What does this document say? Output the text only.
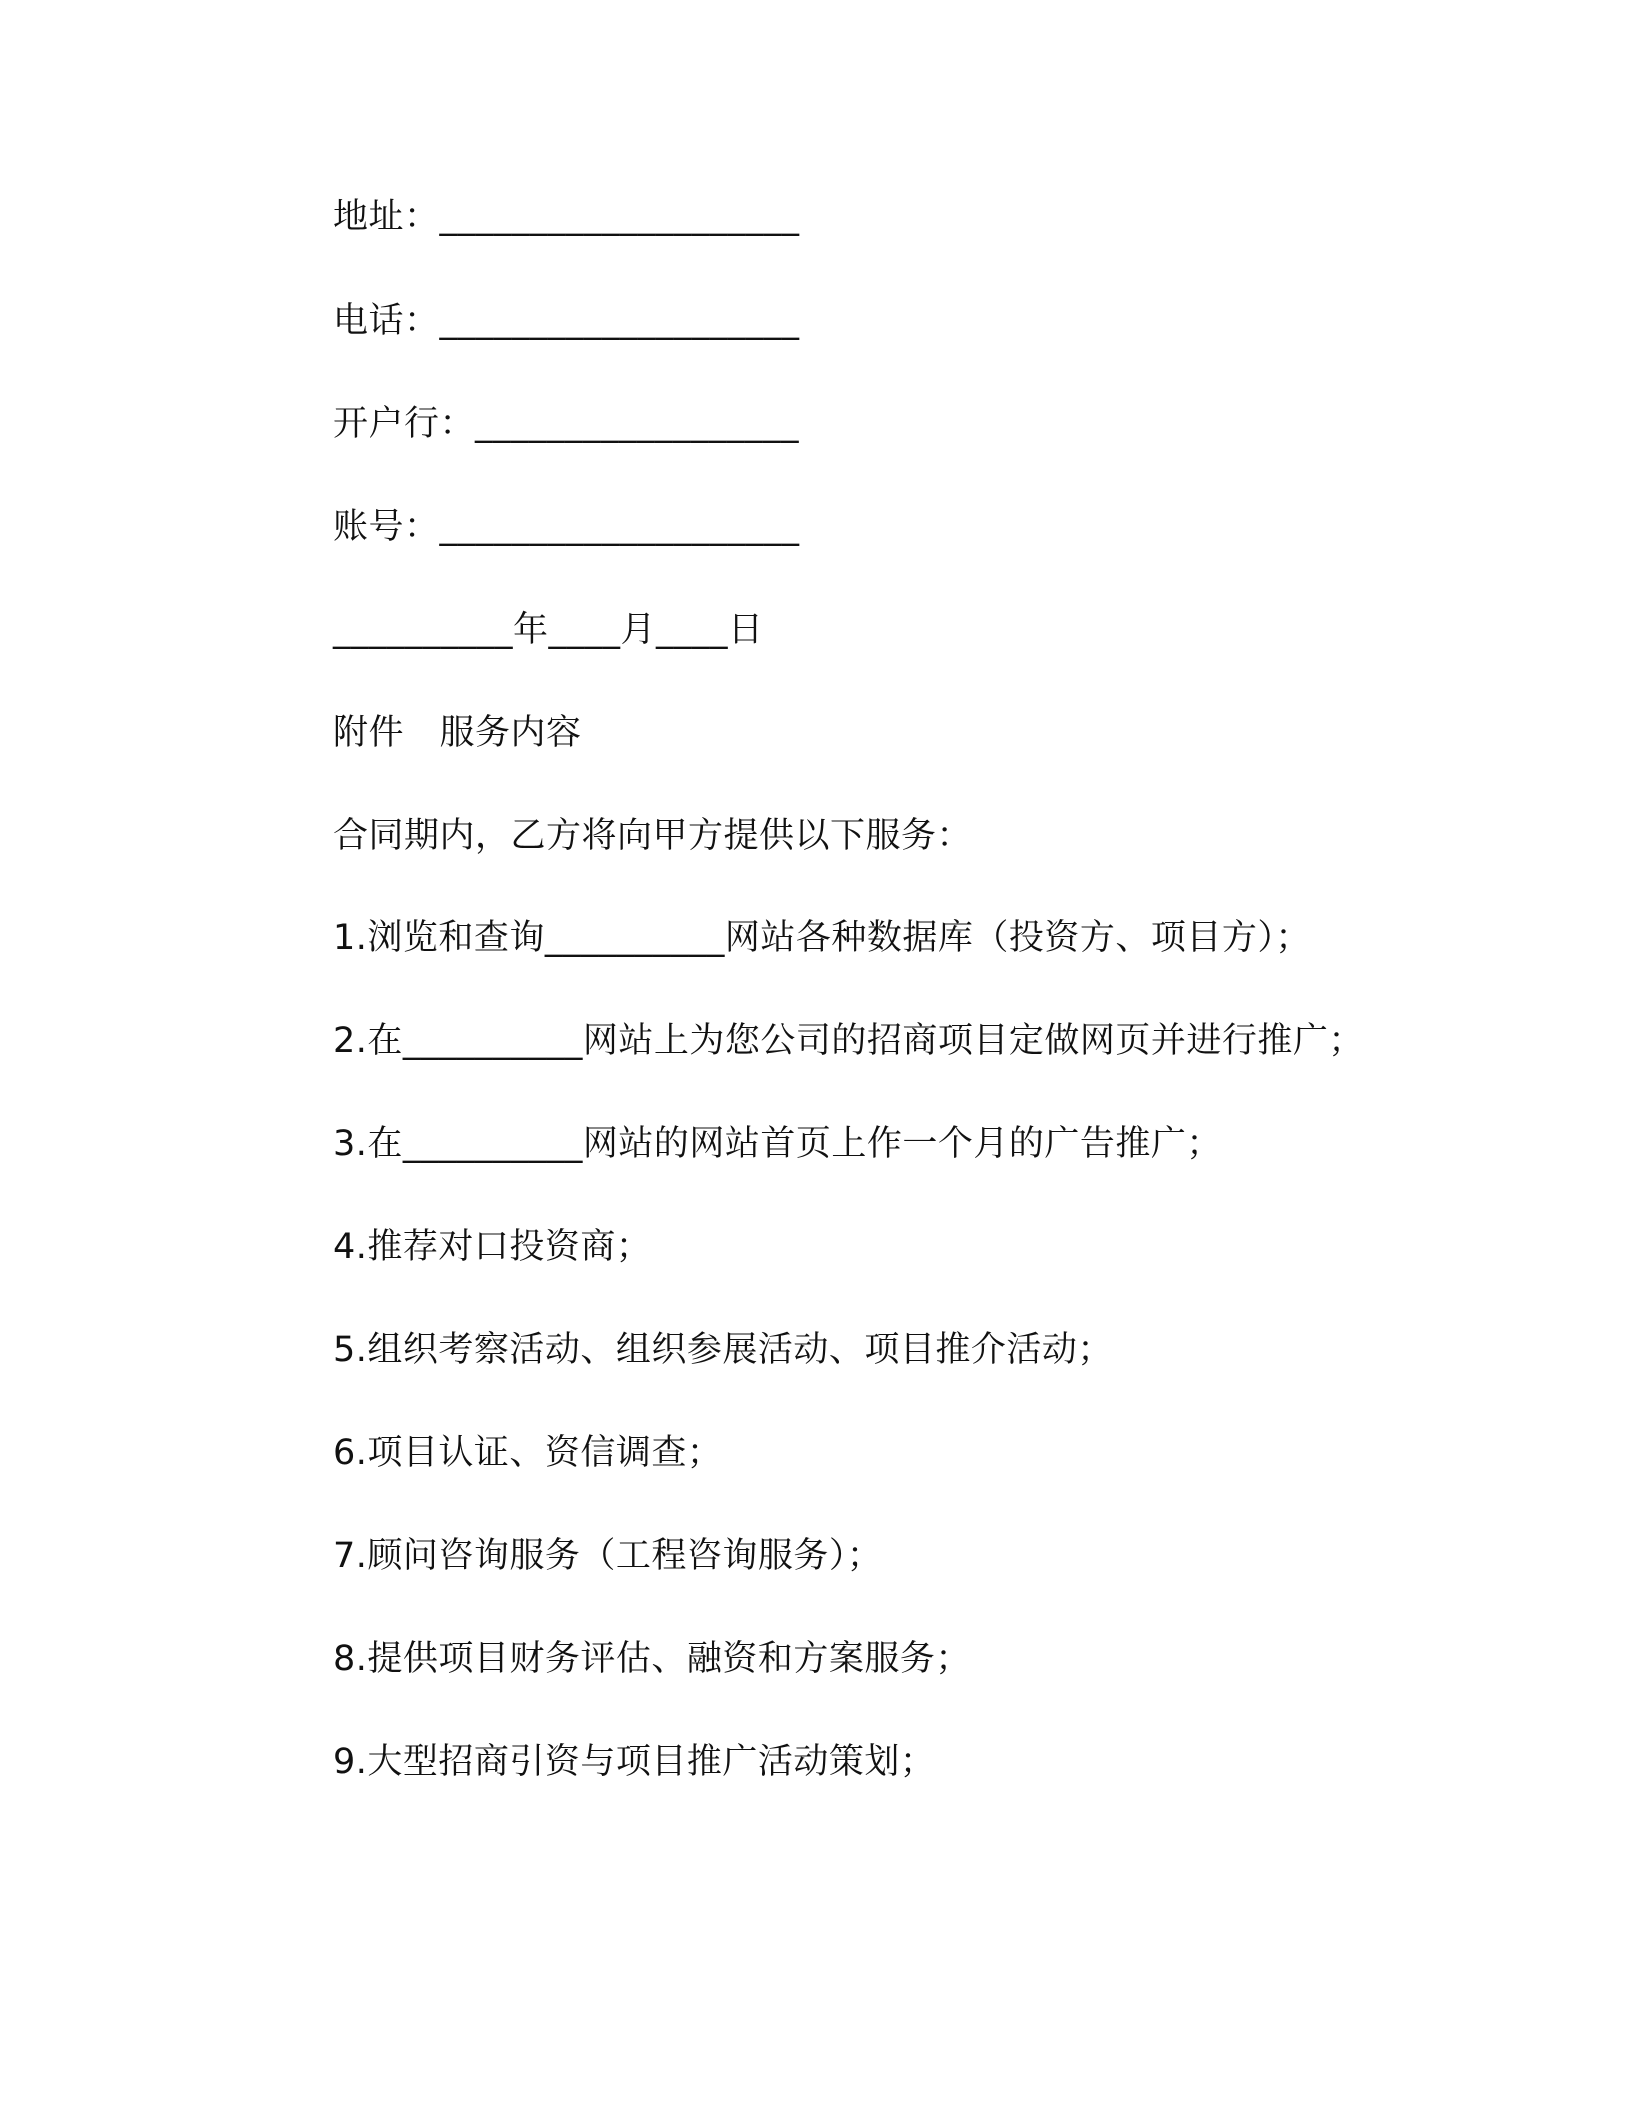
地址：____________________
电话：____________________
开户行：__________________
账号：____________________
__________年____月____日
附件　服务内容
合同期内，乙方将向甲方提供以下服务：
1.浏览和查询__________网站各种数据库（投资方、项目方）；
2.在__________网站上为您公司的招商项目定做网页并进行推广；
3.在__________网站的网站首页上作一个月的广告推广；
4.推荐对口投资商；
5.组织考察活动、组织参展活动、项目推介活动；
6.项目认证、资信调查；
7.顾问咨询服务（工程咨询服务）；
8.提供项目财务评估、融资和方案服务；
9.大型招商引资与项目推广活动策划；
